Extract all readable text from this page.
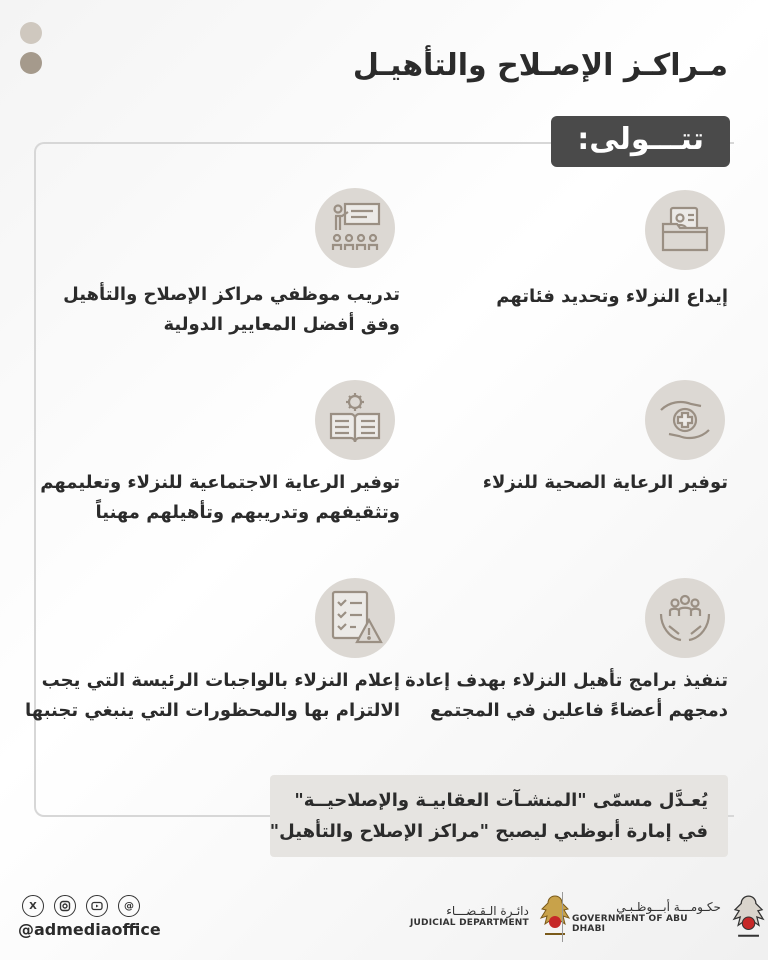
مـراكـز الإصـلاح والتأهيـل
تتـــولى:
إيداع النزلاء وتحديد فئاتهم
تدريب موظفي مراكز الإصلاح والتأهيل
وفق أفضل المعايير الدولية
توفير الرعاية الصحية للنزلاء
توفير الرعاية الاجتماعية للنزلاء وتعليمهم
وتثقيفهم وتدريبهم وتأهيلهم مهنياً
تنفيذ برامج تأهيل النزلاء بهدف إعادة
دمجهم أعضاءً فاعلين في المجتمع
إعلام النزلاء بالواجبات الرئيسة التي يجب
الالتزام بها والمحظورات التي ينبغي تجنبها
يُعـدَّل مسمّى "المنشـآت العقابيـة والإصلاحيــة"
في إمارة أبوظبي ليصبح "مراكز الإصلاح والتأهيل"
X	@
@admediaoffice
دائـرة الـقـضـــاء
JUDICIAL DEPARTMENT
حكـومـــة أبـــوظـبـي
GOVERNMENT OF ABU DHABI
